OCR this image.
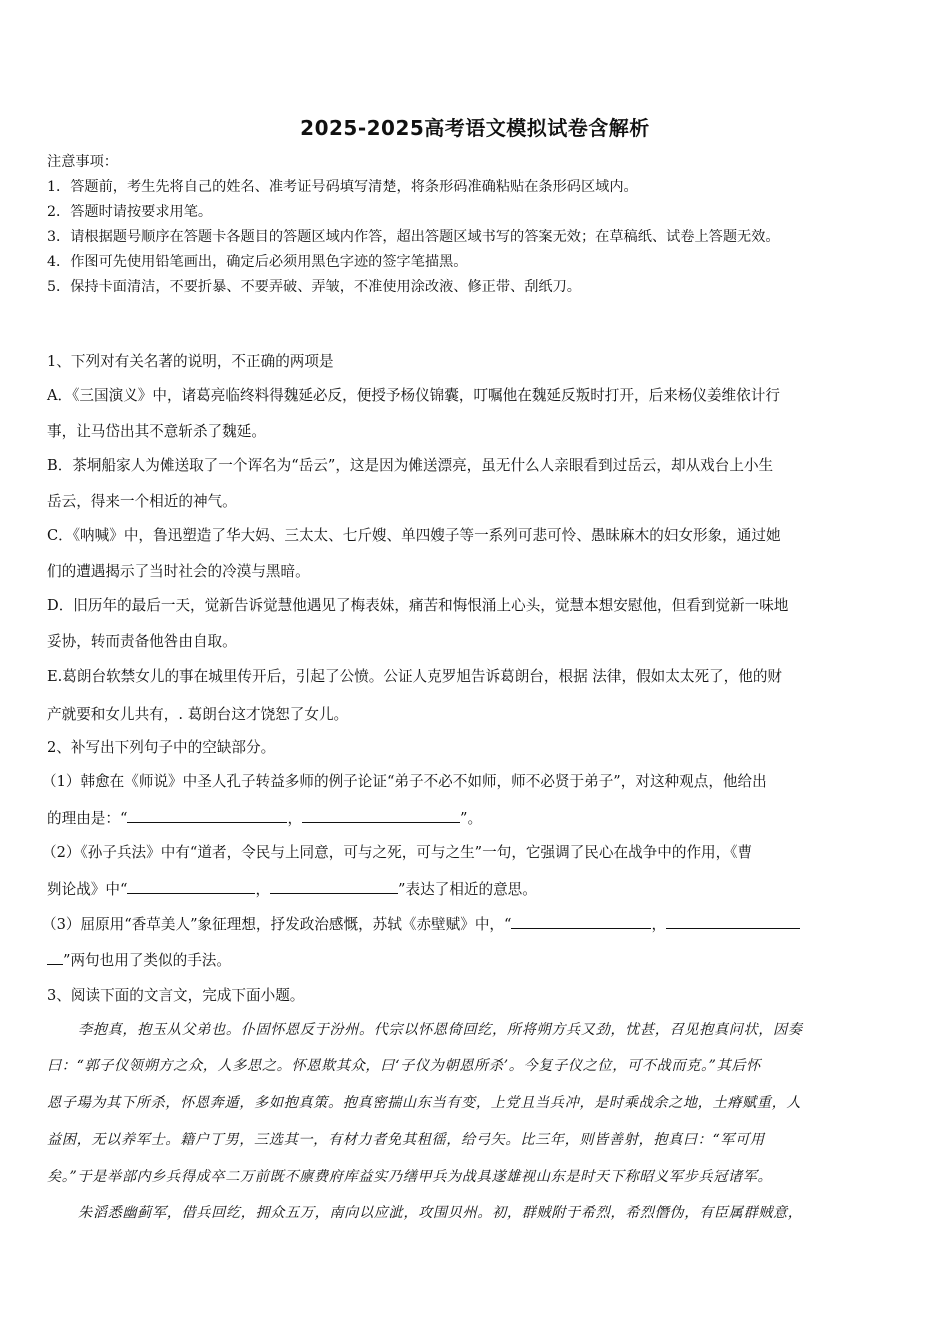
2025-2025高考语文模拟试卷含解析
注意事项：
1．答题前，考生先将自己的姓名、准考证号码填写清楚，将条形码准确粘贴在条形码区域内。
2．答题时请按要求用笔。
3．请根据题号顺序在答题卡各题目的答题区域内作答，超出答题区域书写的答案无效；在草稿纸、试卷上答题无效。
4．作图可先使用铅笔画出，确定后必须用黑色字迹的签字笔描黑。
5．保持卡面清洁，不要折暴、不要弄破、弄皱，不准使用涂改液、修正带、刮纸刀。
1、下列对有关名著的说明，不正确的两项是
A．《三国演义》中，诸葛亮临终料得魏延必反，便授予杨仪锦囊，叮嘱他在魏延反叛时打开，后来杨仪姜维依计行
事，让马岱出其不意斩杀了魏延。
B．茶垌船家人为傩送取了一个诨名为“岳云”，这是因为傩送漂亮，虽无什么人亲眼看到过岳云，却从戏台上小生
岳云，得来一个相近的神气。
C．《呐喊》中，鲁迅塑造了华大妈、三太太、七斤嫂、单四嫂子等一系列可悲可怜、愚昧麻木的妇女形象，通过她
们的遭遇揭示了当时社会的冷漠与黑暗。
D．旧历年的最后一天，觉新告诉觉慧他遇见了梅表妹，痛苦和悔恨涌上心头，觉慧本想安慰他，但看到觉新一味地
妥协，转而责备他咎由自取。
E.葛朗台软禁女儿的事在城里传开后，引起了公愤。公证人克罗旭告诉葛朗台，根据 法律，假如太太死了，他的财
产就要和女儿共有，. 葛朗台这才饶恕了女儿。
2、补写出下列句子中的空缺部分。
（1）韩愈在《师说》中圣人孔子转益多师的例子论证“弟子不必不如师，师不必贤于弟子”，对这种观点，他给出
的理由是：“	，	”。
（2）《孙子兵法》中有“道者，令民与上同意，可与之死，可与之生”一句，它强调了民心在战争中的作用，《曹
刿论战》中“	，	”表达了相近的意思。
（3）屈原用“香草美人”象征理想，抒发政治感慨，苏轼《赤壁赋》中，“	，
”两句也用了类似的手法。
3、阅读下面的文言文，完成下面小题。
李抱真，抱玉从父弟也。仆固怀恩反于汾州。代宗以怀恩倚回纥，所将朔方兵又劲，忧甚，召见抱真问状，因奏
曰：“郭子仪领朔方之众，人多思之。怀恩欺其众，曰‘子仪为朝恩所杀’。今复子仪之位，可不战而克。”其后怀
恩子瑒为其下所杀，怀恩奔遁，多如抱真策。抱真密揣山东当有变，上党且当兵冲，是时乘战余之地，土瘠赋重，人
益困，无以养军士。籍户丁男，三选其一，有材力者免其租徭，给弓矢。比三年，则皆善射，抱真曰：“军可用
矣。”于是举部内乡兵得成卒二万前既不廪费府库益实乃缮甲兵为战具遂雄视山东是时天下称昭义军步兵冠诸军。
朱滔悉幽蓟军，借兵回纥，拥众五万，南向以应泚，攻围贝州。初，群贼附于希烈，希烈僭伪，有臣属群贼意，
